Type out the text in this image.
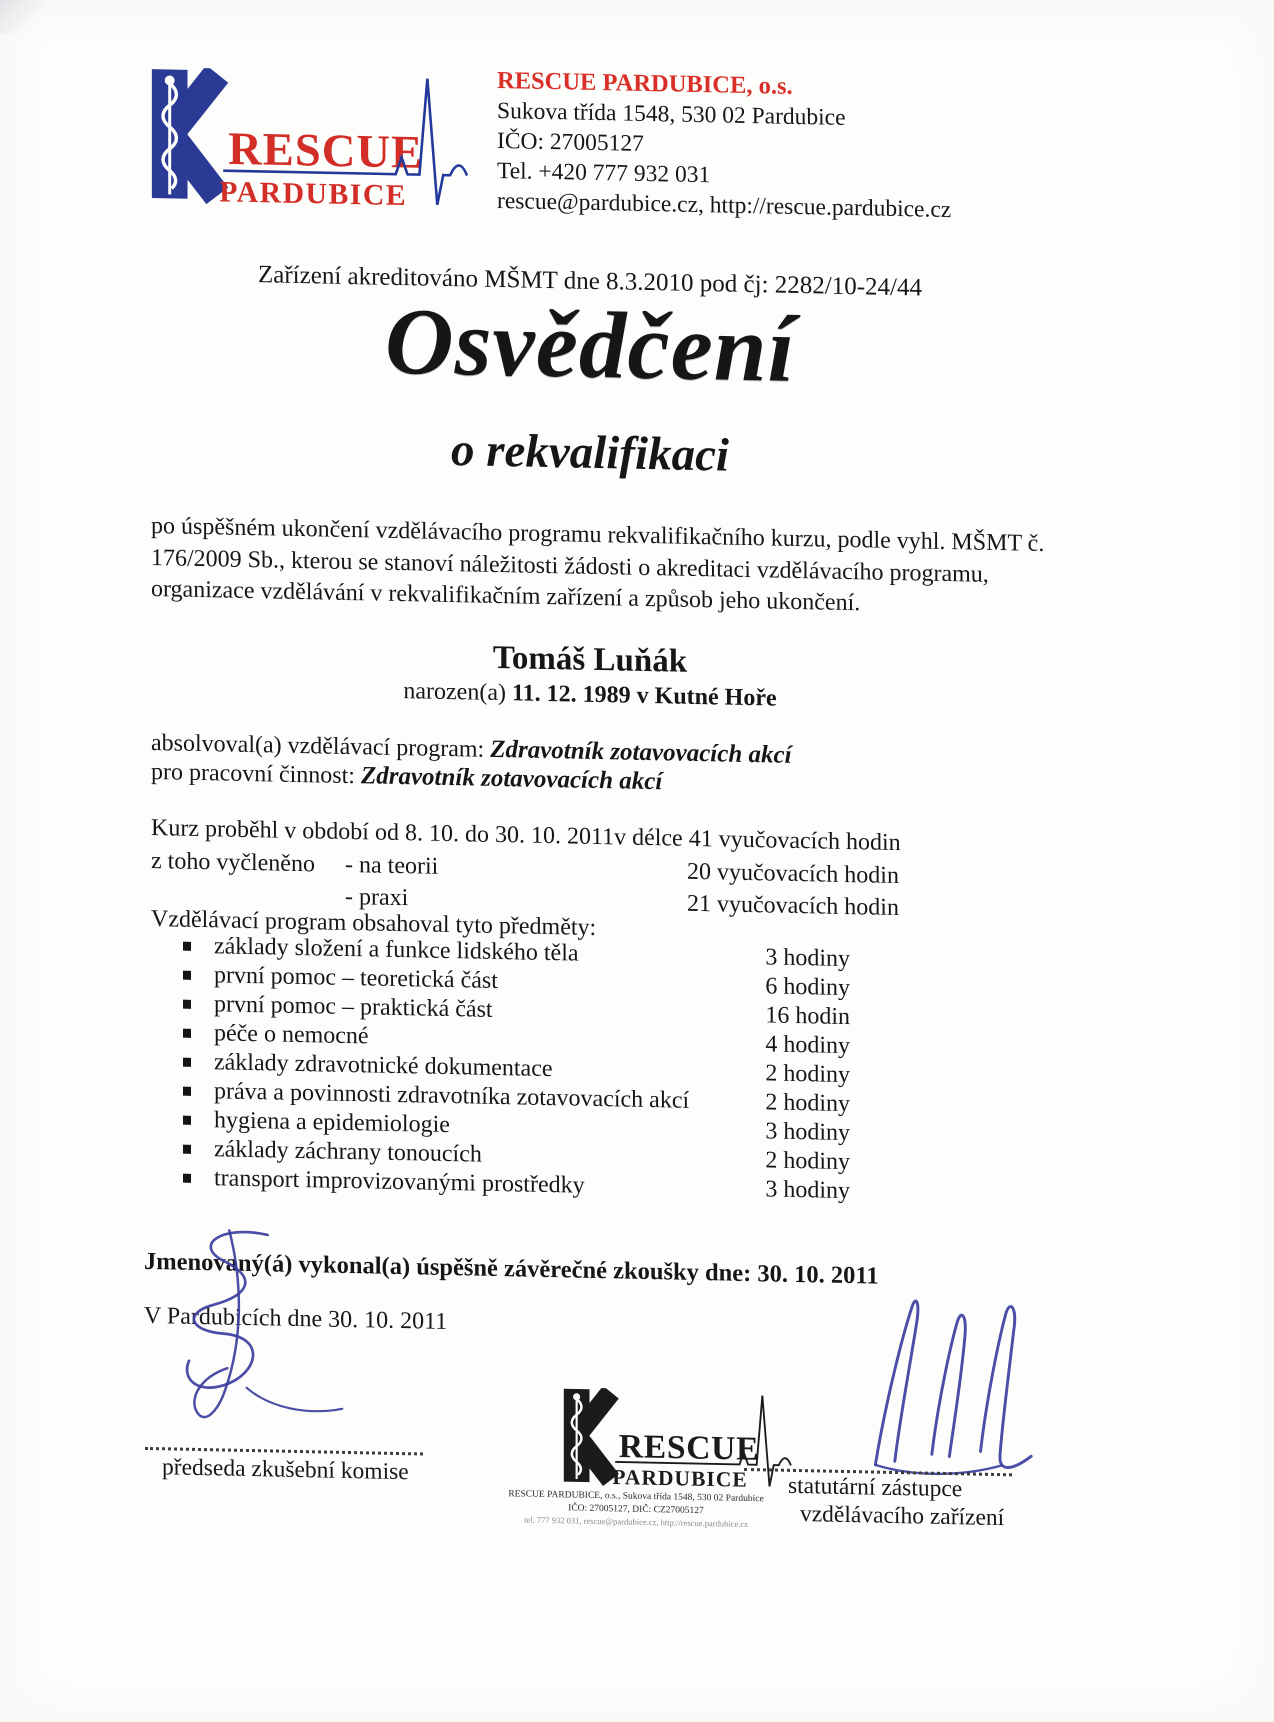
RESCUE
PARDUBICE
RESCUE PARDUBICE, o.s.
Sukova třída 1548, 530 02 Pardubice
IČO: 27005127
Tel. +420 777 932 031
rescue@pardubice.cz, http://rescue.pardubice.cz
Zařízení akreditováno MŠMT dne 8.3.2010 pod čj: 2282/10-24/44
Osvědčení
o rekvalifikaci
po úspěšném ukončení vzdělávacího programu rekvalifikačního kurzu, podle vyhl. MŠMT č.
176/2009 Sb., kterou se stanoví náležitosti žádosti o akreditaci vzdělávacího programu,
organizace vzdělávání v rekvalifikačním zařízení a způsob jeho ukončení.
Tomáš Luňák
narozen(a) 11. 12. 1989 v Kutné Hoře
absolvoval(a) vzdělávací program: Zdravotník zotavovacích akcí
pro pracovní činnost: Zdravotník zotavovacích akcí
Kurz proběhl v období od 8. 10. do 30. 10. 2011v délce 41 vyučovacích hodin
z toho vyčleněno - na teorii	20 vyučovacích hodin
- praxi	21 vyučovacích hodin
Vzdělávací program obsahoval tyto předměty:
základy složení a funkce lidského těla	3 hodiny
první pomoc – teoretická část	6 hodiny
první pomoc – praktická část	16 hodin
péče o nemocné	4 hodiny
základy zdravotnické dokumentace	2 hodiny
práva a povinnosti zdravotníka zotavovacích akcí	2 hodiny
hygiena a epidemiologie	3 hodiny
základy záchrany tonoucích	2 hodiny
transport improvizovanými prostředky	3 hodiny
Jmenovaný(á) vykonal(a) úspěšně závěrečné zkoušky dne: 30. 10. 2011
V Pardubicích dne 30. 10. 2011
předseda zkušební komise
RESCUE
PARDUBICE
RESCUE PARDUBICE, o.s., Sukova třída 1548, 530 02 Pardubice
IČO: 27005127, DIČ: CZ27005127
tel. 777 932 031, rescue@pardubice.cz, http://rescue.pardubice.cz
statutární zástupce
vzdělávacího zařízení
